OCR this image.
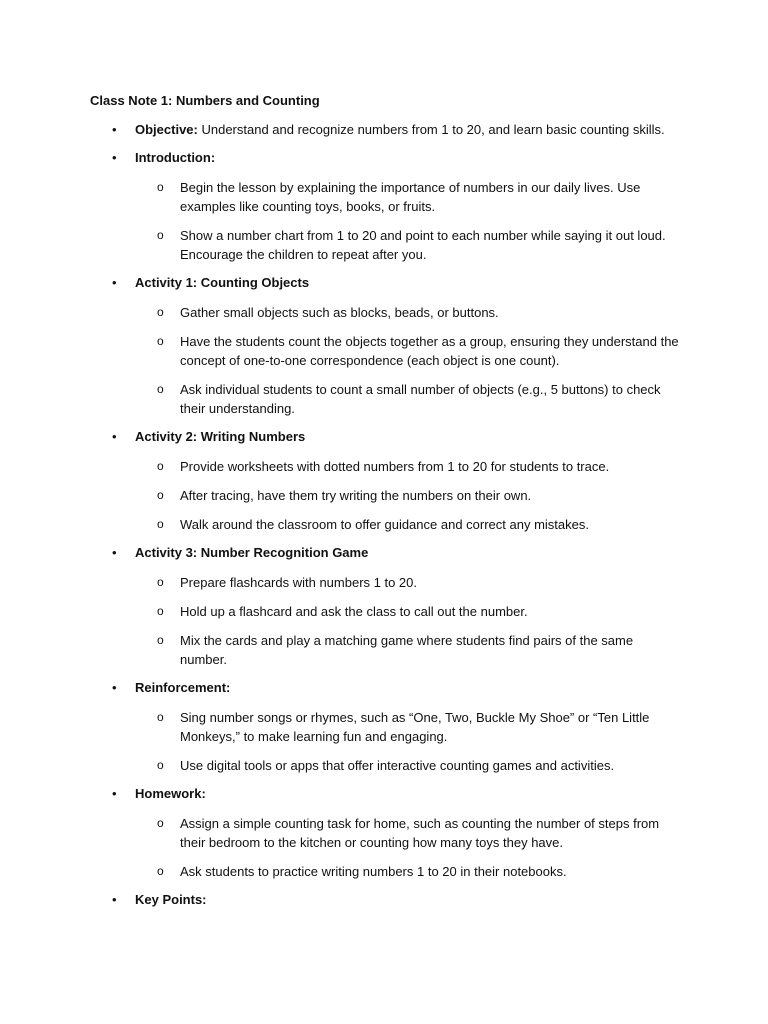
Class Note 1: Numbers and Counting

•	Objective: Understand and recognize numbers from 1 to 20, and learn basic counting skills.
•	Introduction:
o Begin the lesson by explaining the importance of numbers in our daily lives. Use examples like counting toys, books, or fruits.
o Show a number chart from 1 to 20 and point to each number while saying it out loud. Encourage the children to repeat after you.
•	Activity 1: Counting Objects
o Gather small objects such as blocks, beads, or buttons.
o Have the students count the objects together as a group, ensuring they understand the concept of one-to-one correspondence (each object is one count).
o Ask individual students to count a small number of objects (e.g., 5 buttons) to check their understanding.
•	Activity 2: Writing Numbers
o Provide worksheets with dotted numbers from 1 to 20 for students to trace.
o After tracing, have them try writing the numbers on their own.
o Walk around the classroom to offer guidance and correct any mistakes.
•	Activity 3: Number Recognition Game
o Prepare flashcards with numbers 1 to 20.
o Hold up a flashcard and ask the class to call out the number.
o Mix the cards and play a matching game where students find pairs of the same number.
•	Reinforcement:
o Sing number songs or rhymes, such as “One, Two, Buckle My Shoe” or “Ten Little Monkeys,” to make learning fun and engaging.
o Use digital tools or apps that offer interactive counting games and activities.
•	Homework:
o Assign a simple counting task for home, such as counting the number of steps from their bedroom to the kitchen or counting how many toys they have.
o Ask students to practice writing numbers 1 to 20 in their notebooks.
•	Key Points:
